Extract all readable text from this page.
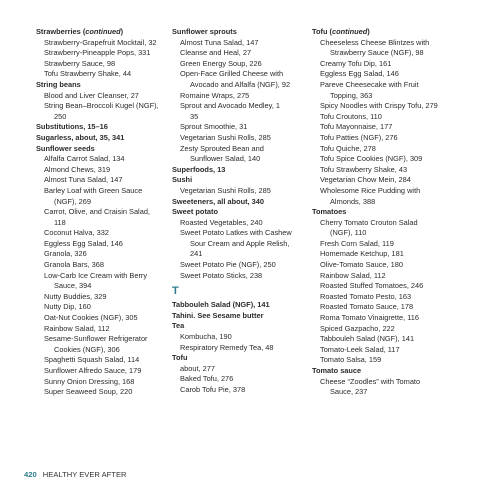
Strawberries (continued)
Strawberry-Grapefruit Mocktail, 32
Strawberry-Pineapple Pops, 331
Strawberry Sauce, 98
Tofu Strawberry Shake, 44
String beans
Blood and Liver Cleanser, 27
String Bean–Broccoli Kugel (NGF),
250
Substitutions, 15–16
Sugarless, about, 35, 341
Sunflower seeds
Alfalfa Carrot Salad, 134
Almond Chews, 319
Almost Tuna Salad, 147
Barley Loaf with Green Sauce
(NGF), 269
Carrot, Olive, and Craisin Salad,
118
Coconut Halva, 332
Eggless Egg Salad, 146
Granola, 326
Granola Bars, 368
Low-Carb Ice Cream with Berry
Sauce, 394
Nutty Buddies, 329
Nutty Dip, 160
Oat-Nut Cookies (NGF), 305
Rainbow Salad, 112
Sesame-Sunflower Refrigerator
Cookies (NGF), 306
Spaghetti Squash Salad, 114
Sunflower Alfredo Sauce, 179
Sunny Onion Dressing, 168
Super Seaweed Soup, 220
Sunflower sprouts
Almost Tuna Salad, 147
Cleanse and Heal, 27
Green Energy Soup, 226
Open-Face Grilled Cheese with
Avocado and Alfalfa (NGF), 92
Romaine Wraps, 275
Sprout and Avocado Medley, 1
35
Sprout Smoothie, 31
Vegetarian Sushi Rolls, 285
Zesty Sprouted Bean and
Sunflower Salad, 140
Superfoods, 13
Sushi
Vegetarian Sushi Rolls, 285
Sweeteners, all about, 340
Sweet potato
Roasted Vegetables, 240
Sweet Potato Latkes with Cashew
Sour Cream and Apple Relish,
241
Sweet Potato Pie (NGF), 250
Sweet Potato Sticks, 238
T
Tabbouleh Salad (NGF), 141
Tahini. See Sesame butter
Tea
Kombucha, 190
Respiratory Remedy Tea, 48
Tofu
about, 277
Baked Tofu, 276
Carob Tofu Pie, 378
Tofu (continued)
Cheeseless Cheese Blintzes with
Strawberry Sauce (NGF), 98
Creamy Tofu Dip, 161
Eggless Egg Salad, 146
Pareve Cheesecake with Fruit
Topping, 363
Spicy Noodles with Crispy Tofu, 279
Tofu Croutons, 110
Tofu Mayonnaise, 177
Tofu Patties (NGF), 276
Tofu Quiche, 278
Tofu Spice Cookies (NGF), 309
Tofu Strawberry Shake, 43
Vegetarian Chow Mein, 284
Wholesome Rice Pudding with
Almonds, 388
Tomatoes
Cherry Tomato Crouton Salad
(NGF), 110
Fresh Corn Salad, 119
Homemade Ketchup, 181
Olive-Tomato Sauce, 180
Rainbow Salad, 112
Roasted Stuffed Tomatoes, 246
Roasted Tomato Pesto, 163
Roasted Tomato Sauce, 178
Roma Tomato Vinaigrette, 116
Spiced Gazpacho, 222
Tabbouleh Salad (NGF), 141
Tomato-Leek Salad, 117
Tomato Salsa, 159
Tomato sauce
Cheese “Zoodles” with Tomato
Sauce, 237
420 HEALTHY EVER AFTER
